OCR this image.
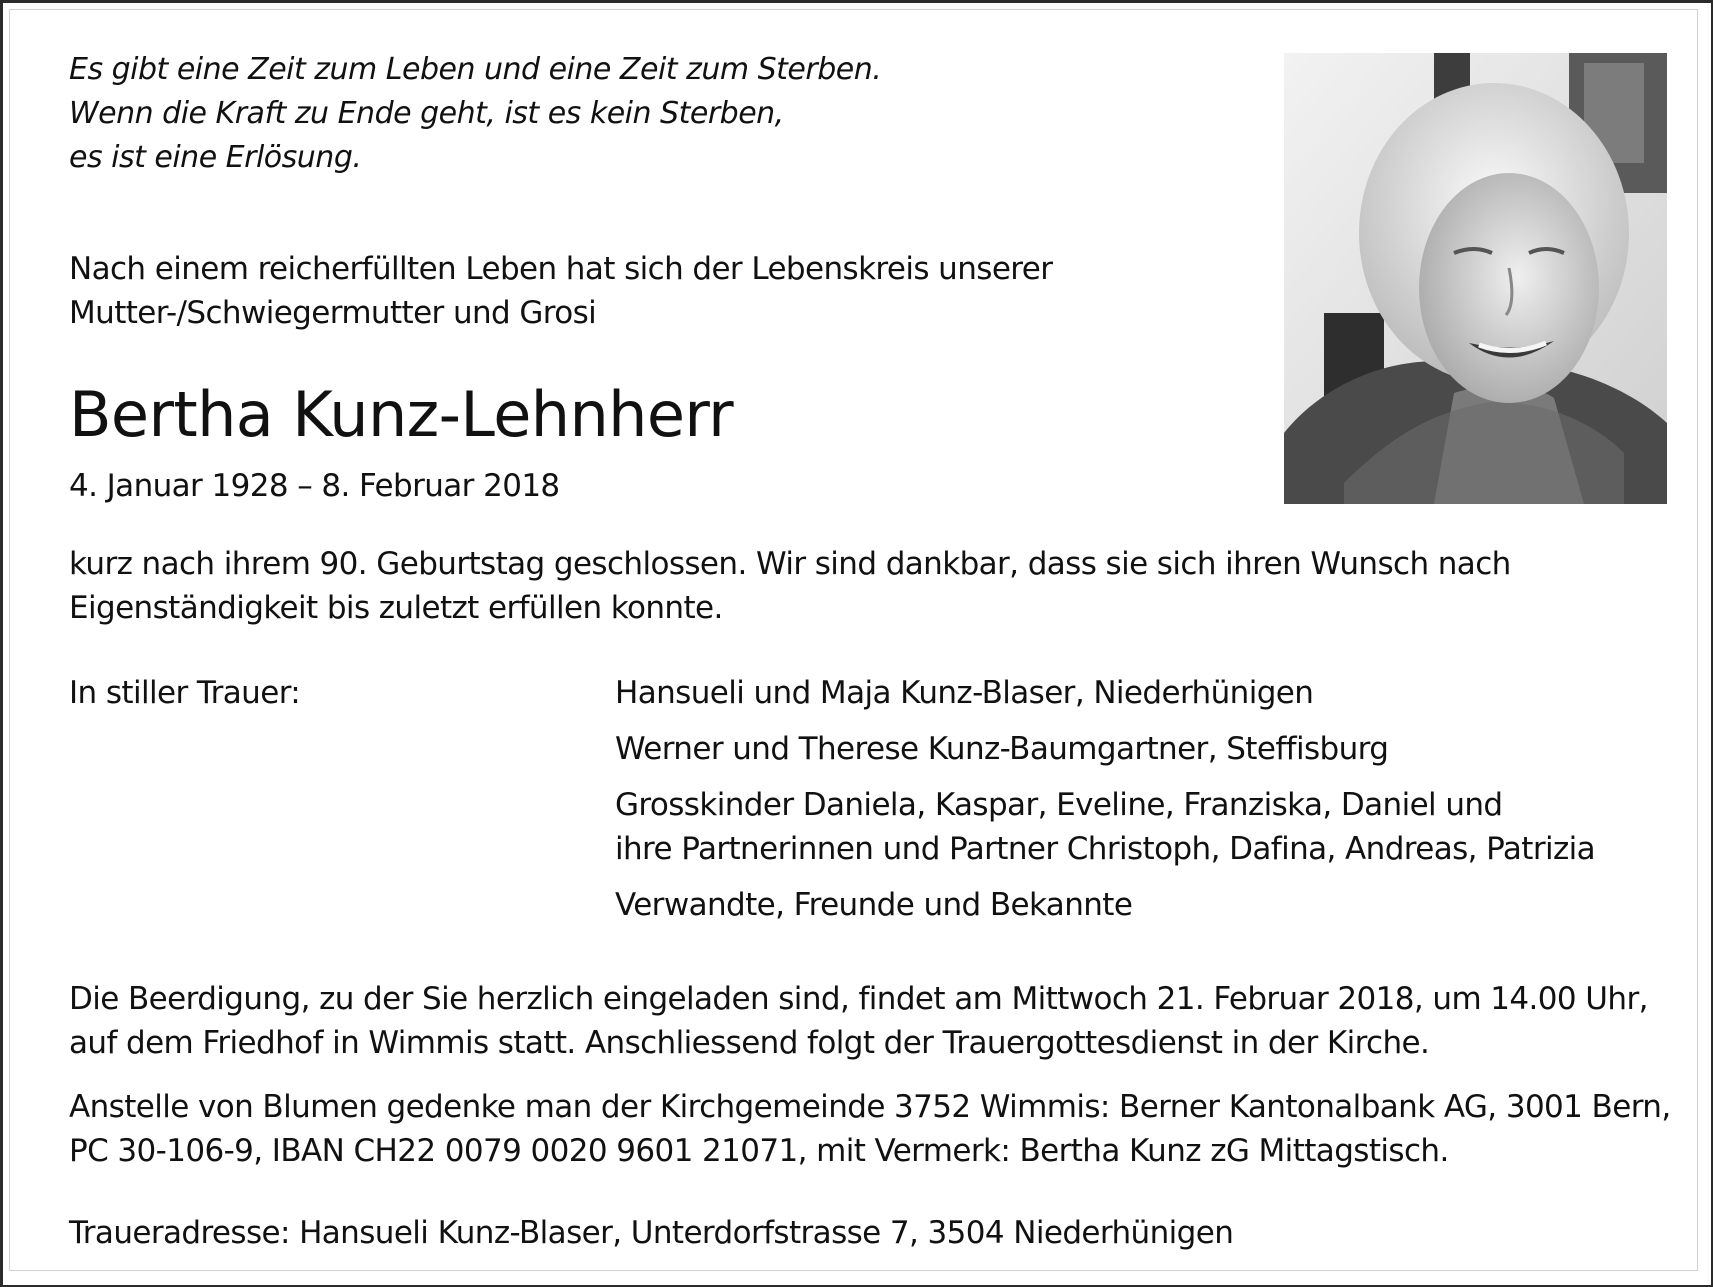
Es gibt eine Zeit zum Leben und eine Zeit zum Sterben.
Wenn die Kraft zu Ende geht, ist es kein Sterben,
es ist eine Erlösung.
Nach einem reicherfüllten Leben hat sich der Lebenskreis unserer
Mutter-/Schwiegermutter und Grosi
Bertha Kunz-Lehnherr
4. Januar 1928 – 8. Februar 2018
kurz nach ihrem 90. Geburtstag geschlossen. Wir sind dankbar, dass sie sich ihren Wunsch nach
Eigenständigkeit bis zuletzt erfüllen konnte.
In stiller Trauer:	Hansueli und Maja Kunz-Blaser, Niederhünigen
Werner und Therese Kunz-Baumgartner, Steffisburg
Grosskinder Daniela, Kaspar, Eveline, Franziska, Daniel und
ihre Partnerinnen und Partner Christoph, Dafina, Andreas, Patrizia
Verwandte, Freunde und Bekannte
Die Beerdigung, zu der Sie herzlich eingeladen sind, findet am Mittwoch 21. Februar 2018, um 14.00 Uhr,
auf dem Friedhof in Wimmis statt. Anschliessend folgt der Trauergottesdienst in der Kirche.
Anstelle von Blumen gedenke man der Kirchgemeinde 3752 Wimmis: Berner Kantonalbank AG, 3001 Bern,
PC 30-106-9, IBAN CH22 0079 0020 9601 21071, mit Vermerk: Bertha Kunz zG Mittagstisch.
Traueradresse: Hansueli Kunz-Blaser, Unterdorfstrasse 7, 3504 Niederhünigen
